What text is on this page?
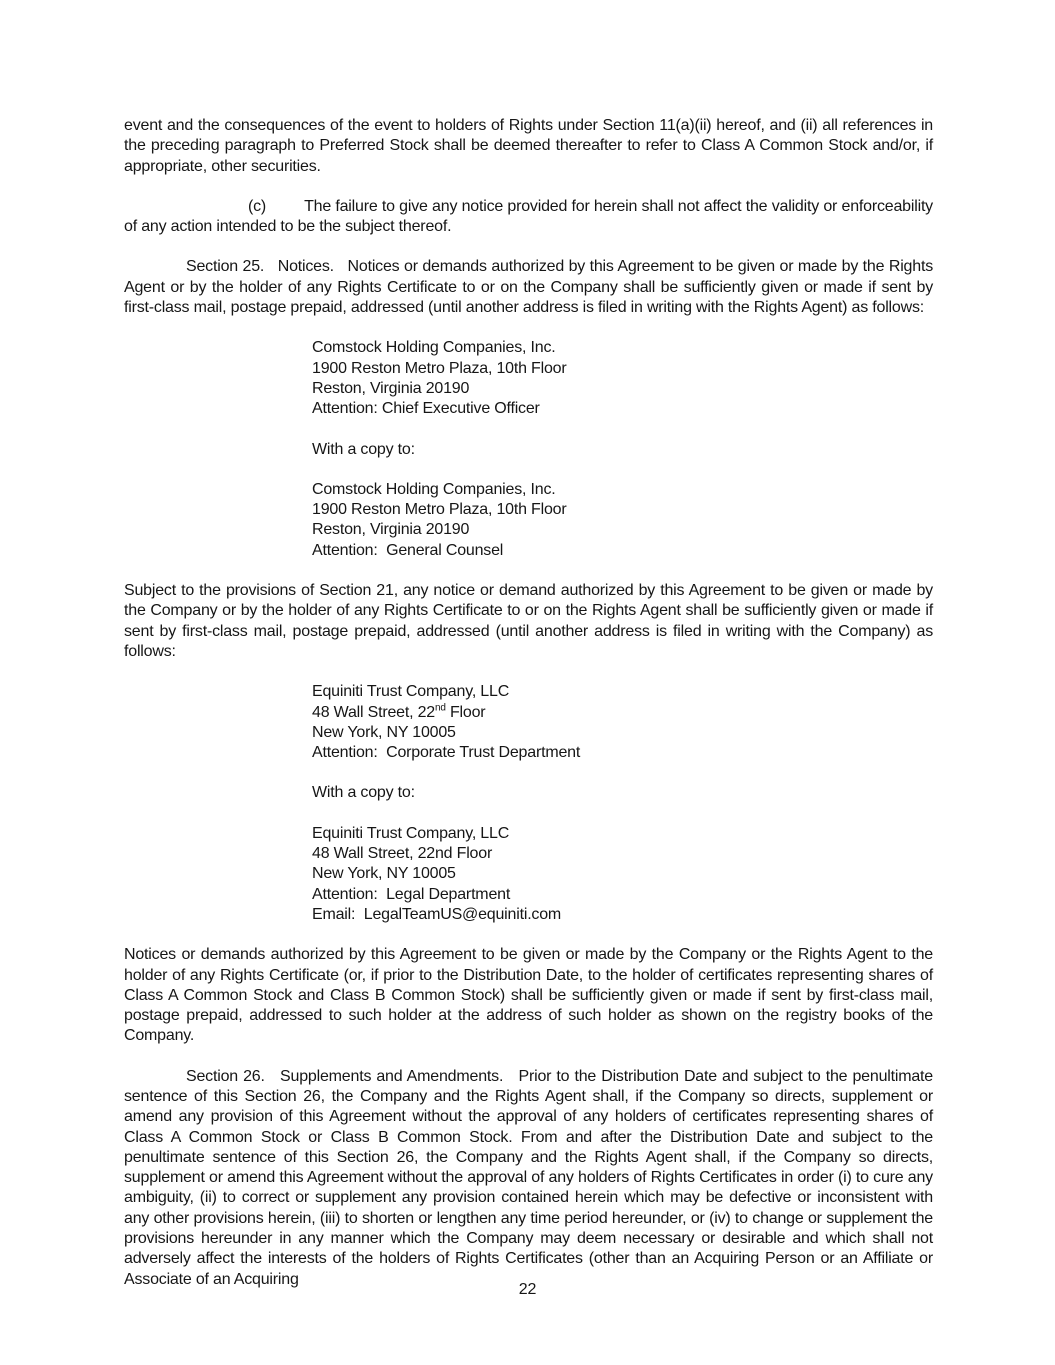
event and the consequences of the event to holders of Rights under Section 11(a)(ii) hereof, and (ii) all references in the preceding paragraph to Preferred Stock shall be deemed thereafter to refer to Class A Common Stock and/or, if appropriate, other securities.

(c) The failure to give any notice provided for herein shall not affect the validity or enforceability of any action intended to be the subject thereof.

Section 25.   Notices.   Notices or demands authorized by this Agreement to be given or made by the Rights Agent or by the holder of any Rights Certificate to or on the Company shall be sufficiently given or made if sent by first-class mail, postage prepaid, addressed (until another address is filed in writing with the Rights Agent) as follows:

Comstock Holding Companies, Inc.
1900 Reston Metro Plaza, 10th Floor
Reston, Virginia 20190
Attention: Chief Executive Officer
With a copy to:
Comstock Holding Companies, Inc.
1900 Reston Metro Plaza, 10th Floor
Reston, Virginia 20190
Attention:  General Counsel

Subject to the provisions of Section 21, any notice or demand authorized by this Agreement to be given or made by the Company or by the holder of any Rights Certificate to or on the Rights Agent shall be sufficiently given or made if sent by first-class mail, postage prepaid, addressed (until another address is filed in writing with the Company) as follows:

Equiniti Trust Company, LLC
48 Wall Street, 22nd Floor
New York, NY 10005
Attention:  Corporate Trust Department
With a copy to:
Equiniti Trust Company, LLC
48 Wall Street, 22nd Floor
New York, NY 10005
Attention:  Legal Department
Email:  LegalTeamUS@equiniti.com

Notices or demands authorized by this Agreement to be given or made by the Company or the Rights Agent to the holder of any Rights Certificate (or, if prior to the Distribution Date, to the holder of certificates representing shares of Class A Common Stock and Class B Common Stock) shall be sufficiently given or made if sent by first-class mail, postage prepaid, addressed to such holder at the address of such holder as shown on the registry books of the Company.

Section 26.   Supplements and Amendments.   Prior to the Distribution Date and subject to the penultimate sentence of this Section 26, the Company and the Rights Agent shall, if the Company so directs, supplement or amend any provision of this Agreement without the approval of any holders of certificates representing shares of Class A Common Stock or Class B Common Stock. From and after the Distribution Date and subject to the penultimate sentence of this Section 26, the Company and the Rights Agent shall, if the Company so directs, supplement or amend this Agreement without the approval of any holders of Rights Certificates in order (i) to cure any ambiguity, (ii) to correct or supplement any provision contained herein which may be defective or inconsistent with any other provisions herein, (iii) to shorten or lengthen any time period hereunder, or (iv) to change or supplement the provisions hereunder in any manner which the Company may deem necessary or desirable and which shall not adversely affect the interests of the holders of Rights Certificates (other than an Acquiring Person or an Affiliate or Associate of an Acquiring

22
